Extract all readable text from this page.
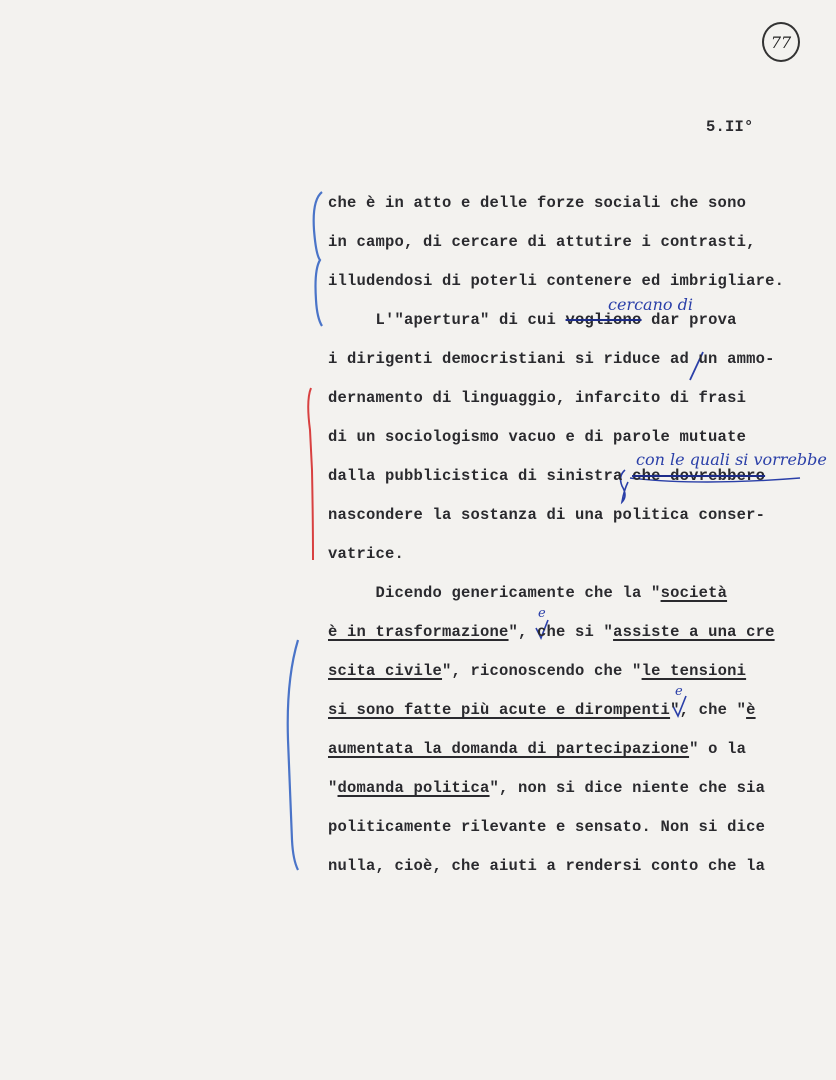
77
5.II°

che è in atto e delle forze sociali che sono

in campo, di cercare di attutire i contrasti,

illudendosi di poterli contenere ed imbrigliare.

L'"apertura" di cui vogliono dar prova

i dirigenti democristiani si riduce ad un ammo-

dernamento di linguaggio, infarcito di frasi

di un sociologismo vacuo e di parole mutuate

dalla pubblicistica di sinistra che dovrebbero

nascondere la sostanza di una politica conser-

vatrice.

Dicendo genericamente che la "società

è in trasformazione", che si "assiste a una cre

scita civile", riconoscendo che "le tensioni

si sono fatte più acute e dirompenti", che "è

aumentata la domanda di partecipazione" o la

"domanda politica", non si dice niente che sia

politicamente rilevante e sensato. Non si dice

nulla, cioè, che aiuti a rendersi conto che la

cercano di
con le quali si vorrebbe
e
e
